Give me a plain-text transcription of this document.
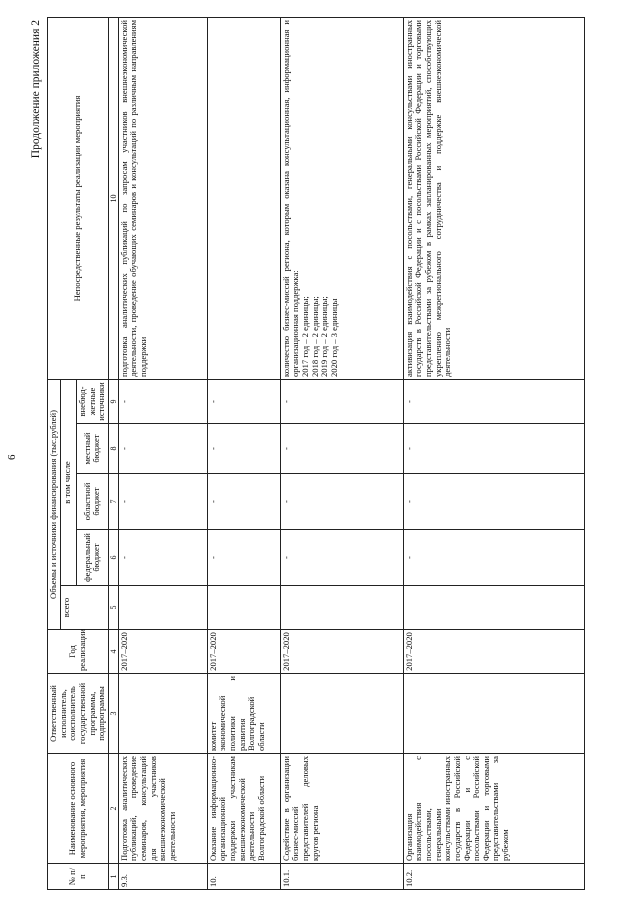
6
Продолжение приложения 2
№ п/п	Наименование основного мероприятия, мероприятия	Ответственный исполнитель, соисполнитель государственной программы, подпрограммы	Год реализации	Объемы и источники финансирования (тыс.рублей)					Непосредственные результаты реализации мероприятия
				всего	в том числе				
					федеральный бюджет	областной бюджет	местный бюджет	внебюд-жетные источники	
1	2	3	4	5	6	7	8	9	10
9.3.	Подготовка аналитических публикаций, проведение семинаров, консультаций для участников внешнеэкономической деятельности		2017–2020		-	-	-	-	подготовка аналитических публикаций по запросам участников внешнеэкономической деятельности, проведение обучающих семинаров и консультаций по различным направлениям поддержки
10.	Оказание информационно-организационной поддержки участникам внешнеэкономической деятельности Волгоградской области	комитет экономической политики и развития Волгоградской области	2017–2020		-	-	-	-	
10.1.	Содействие в организации бизнес-миссий представителей деловых кругов региона		2017–2020		-	-	-	-	количество бизнес-миссий региона, которым оказана консультационная, информационная и организационная поддержка: 2017 год – 2 единицы; 2018 год – 2 единицы; 2019 год – 2 единицы; 2020 год – 3 единицы

10.2.	Организация взаимодействия с посольствами, генеральными консульствами иностранных государств в Российской Федерации и с посольствами Российской Федерации и торговыми представительствами за рубежом		2017–2020		-	-	-	-	активизация взаимодействия с посольствами, генеральными консульствами иностранных государств в Российской Федерации и с посольствами Российской Федерации и торговыми представительствами за рубежом в рамках запланированных мероприятий, способствующих укреплению межрегионального сотрудничества и поддержке внешнеэкономической деятельности
